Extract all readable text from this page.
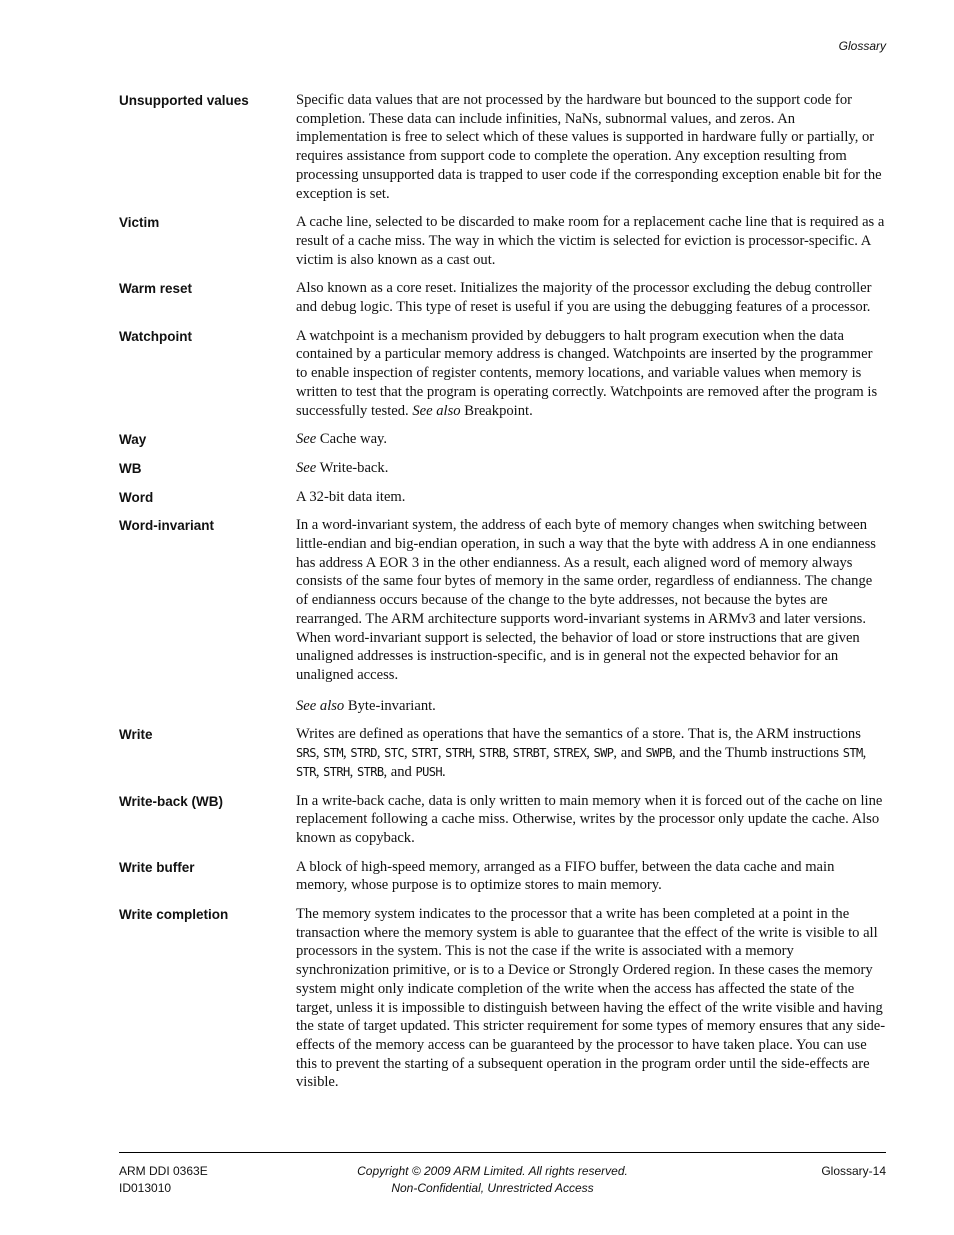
Glossary
Unsupported values	Specific data values that are not processed by the hardware but bounced to the support code for completion. These data can include infinities, NaNs, subnormal values, and zeros. An implementation is free to select which of these values is supported in hardware fully or partially, or requires assistance from support code to complete the operation. Any exception resulting from processing unsupported data is trapped to user code if the corresponding exception enable bit for the exception is set.

Victim	A cache line, selected to be discarded to make room for a replacement cache line that is required as a result of a cache miss. The way in which the victim is selected for eviction is processor-specific. A victim is also known as a cast out.

Warm reset	Also known as a core reset. Initializes the majority of the processor excluding the debug controller and debug logic. This type of reset is useful if you are using the debugging features of a processor.

Watchpoint	A watchpoint is a mechanism provided by debuggers to halt program execution when the data contained by a particular memory address is changed. Watchpoints are inserted by the programmer to enable inspection of register contents, memory locations, and variable values when memory is written to test that the program is operating correctly. Watchpoints are removed after the program is successfully tested. See also Breakpoint.

Way	See Cache way.

WB	See Write-back.

Word	A 32-bit data item.

Word-invariant	In a word-invariant system, the address of each byte of memory changes when switching between little-endian and big-endian operation, in such a way that the byte with address A in one endianness has address A EOR 3 in the other endianness. As a result, each aligned word of memory always consists of the same four bytes of memory in the same order, regardless of endianness. The change of endianness occurs because of the change to the byte addresses, not because the bytes are rearranged. The ARM architecture supports word-invariant systems in ARMv3 and later versions. When word-invariant support is selected, the behavior of load or store instructions that are given unaligned addresses is instruction-specific, and is in general not the expected behavior for an unaligned access.

See also Byte-invariant.

Write	Writes are defined as operations that have the semantics of a store. That is, the ARM instructions SRS, STM, STRD, STC, STRT, STRH, STRB, STRBT, STREX, SWP, and SWPB, and the Thumb instructions STM, STR, STRH, STRB, and PUSH.

Write-back (WB)	In a write-back cache, data is only written to main memory when it is forced out of the cache on line replacement following a cache miss. Otherwise, writes by the processor only update the cache. Also known as copyback.

Write buffer	A block of high-speed memory, arranged as a FIFO buffer, between the data cache and main memory, whose purpose is to optimize stores to main memory.

Write completion	The memory system indicates to the processor that a write has been completed at a point in the transaction where the memory system is able to guarantee that the effect of the write is visible to all processors in the system. This is not the case if the write is associated with a memory synchronization primitive, or is to a Device or Strongly Ordered region. In these cases the memory system might only indicate completion of the write when the access has affected the state of the target, unless it is impossible to distinguish between having the effect of the write visible and having the state of target updated. This stricter requirement for some types of memory ensures that any side-effects of the memory access can be guaranteed by the processor to have taken place. You can use this to prevent the starting of a subsequent operation in the program order until the side-effects are visible.

ARM DDI 0363E
ID013010
Copyright © 2009 ARM Limited. All rights reserved.
Non-Confidential, Unrestricted Access
Glossary-14
